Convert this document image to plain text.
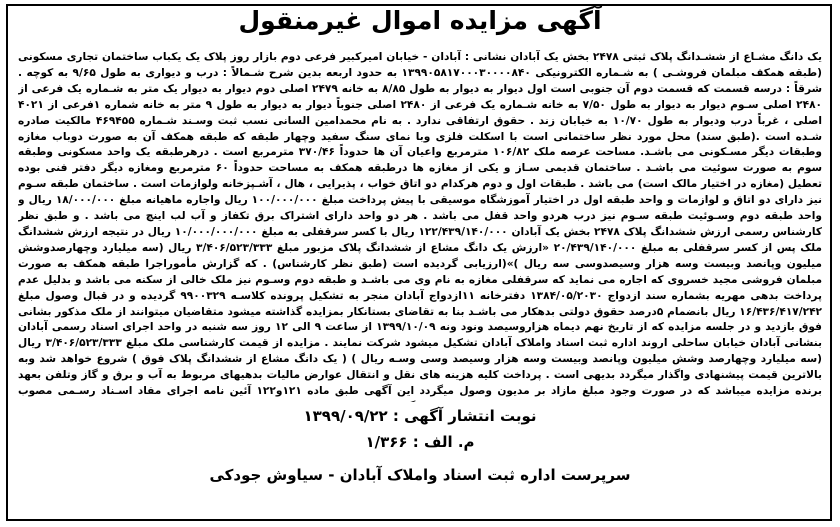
آگهی مزایده اموال غیرمنقول
یک دانگ مشـاع از ششـدانگ پلاک ثبتی ۲۴۷۸ بخش یک آبادان نشانی : آبادان - خیابان امیرکبیر فرعی دوم بازار روز پلاک یک یکباب ساختمان تجاری مسکونی (طبقه همکف مبلمان فروشـی ) به شـماره الکترونیکی ۱۳۹۹۰۵۸۱۷۰۰۰۳۰۰۰۰۸۴۰ به حدود اربعه بدین شرح شـمالاً : درب و دیواری به طول ۹/۶۵ به کوچه . شرقاً : درسه قسمت که قسمت دوم آن جنوبی است اول دیوار به دیوار به طول ۸/۸۵ به خانه ۲۴۷۹ اصلی دوم دیوار به دیوار یک متر به شـماره یک فرعی از ۲۴۸۰ اصلی سـوم دیوار به دیوار به طول ۷/۵۰ به خانه شـماره یک فرعی از ۲۴۸۰ اصلی جنوباً دیوار به دیوار به طول ۹ متر به خانه شماره ۱فرعی از ۴۰۲۱ اصلی ، غرباً درب ودیوار به طول ۱۰/۷۰ به خیابان زند . حقوق ارتفاقی ندارد . به نام محمدامین السانی نسب ثبت وسـند شـماره ۴۶۹۴۵۵ مالکیت صادره شـده است .(طبق سند) محل مورد نظر ساختمانی است با اسکلت فلزی وبا نمای سنگ سفید وچهار طبقه که طبقه همکف آن به صورت دوباب مغازه وطبقات دیگر مسـکونی می باشـد. مساحت عرصه ملک ۱۰۶/۸۲ مترمربع واعیان آن ها حدوداً ۳۷۰/۴۶ مترمربع است . درهرطبقه یک واحد مسکونی وطبقه سوم به صورت سوئیت می باشـد . ساختمان قدیمی سـاز و یکی از مغازه ها درطبقه همکف به مساحت حدوداً ۶۰ مترمربع ومغازه دیگر دفتر فنی بوده تعطیل (مغازه در اختیار مالک است) می باشد . طبقات اول و دوم هرکدام دو اتاق خواب ، پذیرایی ، هال ، آشـپزخانه ولوازمات است . ساختمان طبقه سـوم نیز دارای دو اتاق و لوازمات و واحد طبقه اول در اختیار آموزشگاه موسیقی با پیش پرداخت مبلغ ۱۰۰/۰۰۰/۰۰۰ ریال واجاره ماهیانه مبلغ ۱۸/۰۰۰/۰۰۰ ریال و واحد طبقه دوم وسـوئیت طبقه سـوم نیز درب هردو واحد قفل می باشد . هر دو واحد دارای اشتراک برق تکفاز و آب لب اینچ می باشد . و طبق نظر کارشناس رسمی ارزش ششدانگ پلاک ۲۴۷۸ بخش یک آبادان ۱۲۲/۴۳۹/۱۴۰/۰۰۰ ریال با کسر سرقفلی به مبلغ ۱۰/۰۰۰/۰۰۰/۰۰۰ ریال در نتیجه ارزش ششدانگ ملک پس از کسر سرقفلی به مبلغ ۲۰/۴۳۹/۱۴۰/۰۰۰ «ارزش یک دانگ مشاع از ششدانگ پلاک مزبور مبلغ ۳/۴۰۶/۵۲۳/۳۳۳ ریال (سه میلیارد وچهارصدوشش میلیون وپانصد وبیست وسه هزار وسیصدوسی سه ریال )»(ارزیابی گردیده است (طبق نظر کارشناس) . که گزارش مأموراجرا طبقه همکف به صورت مبلمان فروشی مجید خسروی که اجاره می نماید که سرقفلی مغازه به نام وی می باشـد و طبقه دوم وسـوم نیز ملک خالی از سکنه می باشد و بدلیل عدم پرداخت بدهی مهریه بشماره سند ازدواج ۱۳۸۴/۰۵/۲۰۳۰ دفترخانه ۱۱ازدواج آبادان منجر به تشکیل پرونده کلاسـه ۹۹۰۰۳۲۹ گردیده و در قبال وصول مبلغ ۱۶/۴۳۶/۴۱۷/۲۴۲ ریال بانضمام ۵درصد حقوق دولتی بدهکار می باشـد بنا به تقاضای بستانکار بمزایده گذاشته میشود متقاضیان میتوانند از ملک مذکور بشانی فوق بازدید و در جلسه مزایده که از تاریخ نهم دیماه هزاروسیصد ونود ونه ۱۳۹۹/۱۰/۰۹ از ساعت ۹ الی ۱۲ روز سه شنبه در واحد اجرای اسناد رسمی آبادان بنشانی آبادان خیابان ساحلی اروند اداره ثبت اسناد واملاک آبادان تشکیل میشود شرکت نمایند . مزایده از قیمت کارشناسی ملک مبلغ ۳/۴۰۶/۵۲۳/۳۳۳ ریال (سه میلیارد وچهارصد وشش میلیون وپانصد وبیست وسه هزار وسیصد وسی وسـه ریال ) ( یک دانگ مشاع از ششدانگ پلاک فوق ) شروع خواهد شد وبه بالاترین قیمت پیشنهادی واگذار میگردد بدیهی است . پرداخت کلیه هزینه های نقل و انتقال عوارض مالیات بدهیهای مربوط به آب و برق و گاز وتلفن بعهد برنده مزایده میباشد که در صورت وجود مبلغ مازاد بر مدیون وصول میگردد این آگهی طبق ماده ۱۲۱و۱۲۲ آئین نامه اجرای مفاد اسـناد رسـمی مصوب
نوبت انتشار آگهی : ۱۳۹۹/۰۹/۲۲
م. الف : ۱/۳۶۶
سرپرست اداره ثبت اسناد واملاک آبادان - سیاوش جودکی
